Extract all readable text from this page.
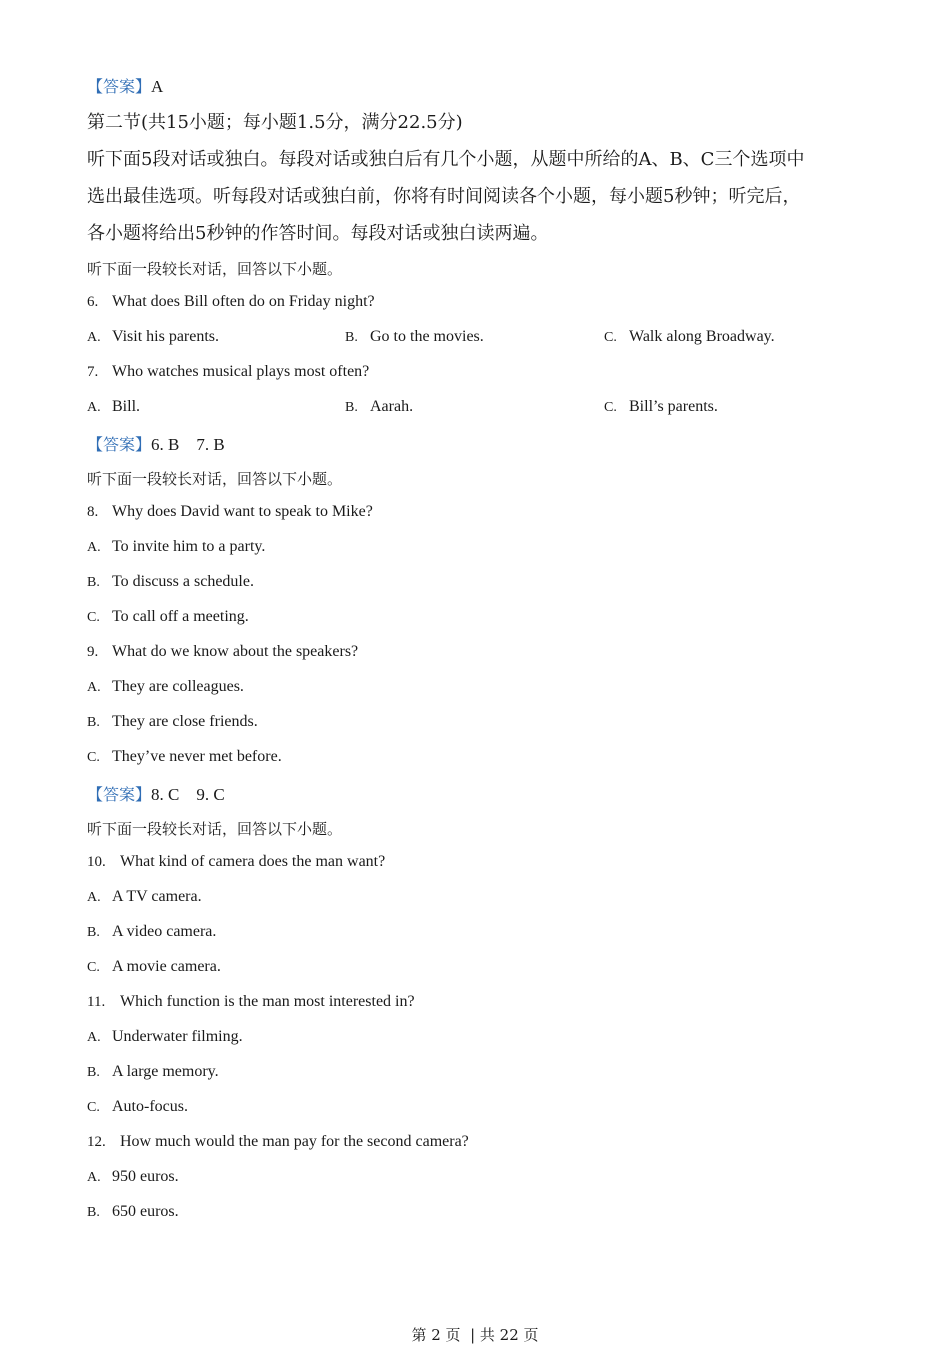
【答案】A
第二节(共15小题；每小题1.5分，满分22.5分)
听下面5段对话或独白。每段对话或独白后有几个小题，从题中所给的A、B、C三个选项中
选出最佳选项。听每段对话或独白前，你将有时间阅读各个小题，每小题5秒钟；听完后，
各小题将给出5秒钟的作答时间。每段对话或独白读两遍。
听下面一段较长对话，回答以下小题。
6. What does Bill often do on Friday night?
A. Visit his parents.	B. Go to the movies.	C. Walk along Broadway.
7. Who watches musical plays most often?
A. Bill.	B. Aarah.	C. Bill’s parents.
【答案】6. B    7. B
听下面一段较长对话，回答以下小题。
8. Why does David want to speak to Mike?
A. To invite him to a party.
B. To discuss a schedule.
C. To call off a meeting.
9. What do we know about the speakers?
A. They are colleagues.
B. They are close friends.
C. They’ve never met before.
【答案】8. C    9. C
听下面一段较长对话，回答以下小题。
10. What kind of camera does the man want?
A. A TV camera.
B. A video camera.
C. A movie camera.
11. Which function is the man most interested in?
A. Underwater filming.
B. A large memory.
C. Auto-focus.
12. How much would the man pay for the second camera?
A. 950 euros.
B. 650 euros.
第 2 页  | 共 22 页
